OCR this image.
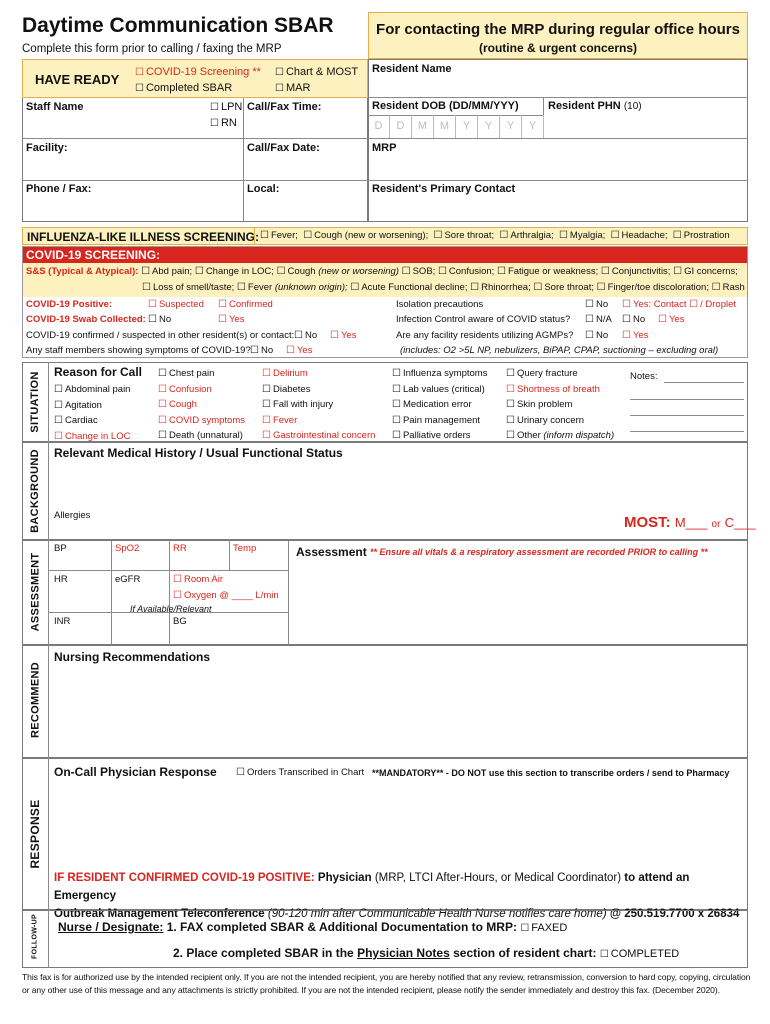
Daytime Communication SBAR
Complete this form prior to calling / faxing the MRP
For contacting the MRP during regular office hours
(routine & urgent concerns)
HAVE READY	☐ COVID-19 Screening **
☐ Completed SBAR
☐ Chart & MOST
☐ MAR
Staff Name	☐ LPN
☐ RN
Call/Fax Time:
Facility:	Call/Fax Date:
Phone / Fax:	Local:
Resident Name
Resident DOB (DD/MM/YYY)	Resident PHN (10)
D	D	M	M	Y	Y	Y	Y
MRP
Resident's Primary Contact
INFLUENZA-LIKE ILLNESS SCREENING:	☐ Fever; ☐ Cough (new or worsening); ☐ Sore throat; ☐ Arthralgia; ☐ Myalgia; ☐ Headache; ☐ Prostration
COVID-19 SCREENING:
S&S (Typical & Atypical): ☐ Abd pain; ☐ Change in LOC; ☐ Cough (new or worsening) ☐ SOB; ☐ Confusion; ☐ Fatigue or weakness; ☐ Conjunctivitis; ☐ GI concerns;
☐ Loss of smell/taste; ☐ Fever (unknown origin); ☐ Acute Functional decline; ☐ Rhinorrhea; ☐ Sore throat; ☐ Finger/toe discoloration; ☐ Rash
COVID-19 Positive:	☐ Suspected	☐ Confirmed
COVID-19 Swab Collected:	☐ No	☐ Yes
COVID-19 confirmed / suspected in other resident(s) or contact:	☐ No	☐ Yes
Any staff members showing symptoms of COVID-19?	☐ No	☐ Yes
Isolation precautions	☐ No	☐ Yes: Contact ☐ / Droplet
Infection Control aware of COVID status?	☐ N/A	☐ No	☐ Yes
Are any facility residents utilizing AGMPs?	☐ No	☐ Yes
(includes: O2 >5L NP, nebulizers, BiPAP, CPAP, suctioning – excluding oral)
SITUATION Reason for Call
☐ Abdominal pain
☐ Agitation
☐ Cardiac
☐ Change in LOC
☐ Chest pain
☐ Confusion
☐ Cough
☐ COVID symptoms
☐ Death (unnatural)
☐ Delirium
☐ Diabetes
☐ Fall with injury
☐ Fever
☐ Gastrointestinal concern
☐ Influenza symptoms
☐ Lab values (critical)
☐ Medication error
☐ Pain management
☐ Palliative orders
☐ Query fracture
☐ Shortness of breath
☐ Skin problem
☐ Urinary concern
☐ Other (inform dispatch)
Notes:
BACKGROUND Relevant Medical History / Usual Functional Status
Allergies	MOST: M___ or C___
ASSESSMENT
BP	SpO2	RR	Temp
HR	eGFR	☐ Room Air
☐ Oxygen @ ____ L/min
If Available/Relevant
INR	BG
Assessment ** Ensure all vitals & a respiratory assessment are recorded PRIOR to calling **
RECOMMEND
Nursing Recommendations
RESPONSE
On-Call Physician Response	☐ Orders Transcribed in Chart **MANDATORY** - DO NOT use this section to transcribe orders / send to Pharmacy
IF RESIDENT CONFIRMED COVID-19 POSITIVE: Physician (MRP, LTCI After-Hours, or Medical Coordinator) to attend an Emergency
Outbreak Management Teleconference (90-120 min after Communicable Health Nurse notifies care home) @ 250.519.7700 x 26834
FOLLOW-UP Nurse / Designate: 1. FAX completed SBAR & Additional Documentation to MRP: ☐ FAXED
2. Place completed SBAR in the Physician Notes section of resident chart: ☐ COMPLETED
This fax is for authorized use by the intended recipient only. If you are not the intended recipient, you are hereby notified that any review, retransmission, conversion to hard copy, copying, circulation
or any other use of this message and any attachments is strictly prohibited. If you are not the intended recipient, please notify the sender immediately and destroy this fax. (December 2020).
